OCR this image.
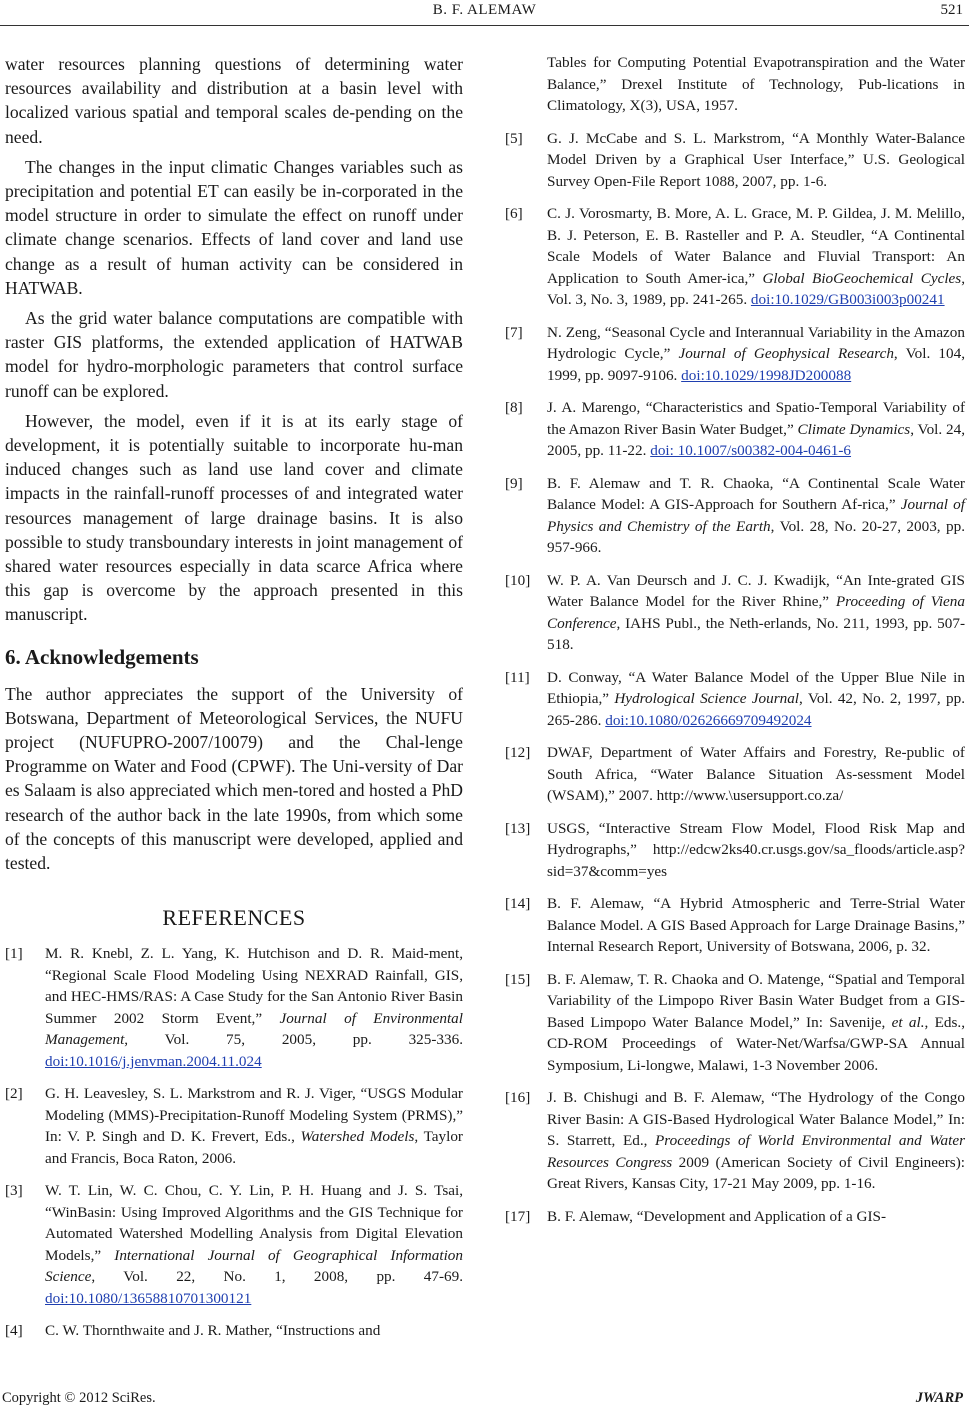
B. F. ALEMAW	521

water resources planning questions of determining water resources availability and distribution at a basin level with localized various spatial and temporal scales de-pending on the need.

The changes in the input climatic Changes variables such as precipitation and potential ET can easily be in-corporated in the model structure in order to simulate the effect on runoff under climate change scenarios. Effects of land cover and land use change as a result of human activity can be considered in HATWAB.

As the grid water balance computations are compatible with raster GIS platforms, the extended application of HATWAB model for hydro-morphologic parameters that control surface runoff can be explored.

However, the model, even if it is at its early stage of development, it is potentially suitable to incorporate hu-man induced changes such as land use land cover and climate impacts in the rainfall-runoff processes of and integrated water resources management of large drainage basins. It is also possible to study transboundary interests in joint management of shared water resources especially in data scarce Africa where this gap is overcome by the approach presented in this manuscript.

6. Acknowledgements

The author appreciates the support of the University of Botswana, Department of Meteorological Services, the NUFU project (NUFUPRO-2007/10079) and the Chal-lenge Programme on Water and Food (CPWF). The Uni-versity of Dar es Salaam is also appreciated which men-tored and hosted a PhD research of the author back in the late 1990s, from which some of the concepts of this manuscript were developed, applied and tested.

REFERENCES
[1] M. R. Knebl, Z. L. Yang, K. Hutchison and D. R. Maid-ment, “Regional Scale Flood Modeling Using NEXRAD Rainfall, GIS, and HEC-HMS/RAS: A Case Study for the San Antonio River Basin Summer 2002 Storm Event,” Journal of Environmental Management, Vol. 75, 2005, pp. 325-336. doi:10.1016/j.jenvman.2004.11.024
[2] G. H. Leavesley, S. L. Markstrom and R. J. Viger, “USGS Modular Modeling (MMS)-Precipitation-Runoff Modeling System (PRMS),” In: V. P. Singh and D. K. Frevert, Eds., Watershed Models, Taylor and Francis, Boca Raton, 2006.
[3] W. T. Lin, W. C. Chou, C. Y. Lin, P. H. Huang and J. S. Tsai, “WinBasin: Using Improved Algorithms and the GIS Technique for Automated Watershed Modelling Analysis from Digital Elevation Models,” International Journal of Geographical Information Science, Vol. 22, No. 1, 2008, pp. 47-69. doi:10.1080/13658810701300121
[4] C. W. Thornthwaite and J. R. Mather, “Instructions and
Tables for Computing Potential Evapotranspiration and the Water Balance,” Drexel Institute of Technology, Pub-lications in Climatology, X(3), USA, 1957.
[5] G. J. McCabe and S. L. Markstrom, “A Monthly Water-Balance Model Driven by a Graphical User Interface,” U.S. Geological Survey Open-File Report 1088, 2007, pp. 1-6.
[6] C. J. Vorosmarty, B. More, A. L. Grace, M. P. Gildea, J. M. Melillo, B. J. Peterson, E. B. Rasteller and P. A. Steudler, “A Continental Scale Models of Water Balance and Fluvial Transport: An Application to South Amer-ica,” Global BioGeochemical Cycles, Vol. 3, No. 3, 1989, pp. 241-265. doi:10.1029/GB003i003p00241
[7] N. Zeng, “Seasonal Cycle and Interannual Variability in the Amazon Hydrologic Cycle,” Journal of Geophysical Research, Vol. 104, 1999, pp. 9097-9106. doi:10.1029/1998JD200088
[8] J. A. Marengo, “Characteristics and Spatio-Temporal Variability of the Amazon River Basin Water Budget,” Climate Dynamics, Vol. 24, 2005, pp. 11-22. doi: 10.1007/s00382-004-0461-6
[9] B. F. Alemaw and T. R. Chaoka, “A Continental Scale Water Balance Model: A GIS-Approach for Southern Af-rica,” Journal of Physics and Chemistry of the Earth, Vol. 28, No. 20-27, 2003, pp. 957-966.
[10] W. P. A. Van Deursch and J. C. J. Kwadijk, “An Inte-grated GIS Water Balance Model for the River Rhine,” Proceeding of Viena Conference, IAHS Publ., the Neth-erlands, No. 211, 1993, pp. 507-518.
[11] D. Conway, “A Water Balance Model of the Upper Blue Nile in Ethiopia,” Hydrological Science Journal, Vol. 42, No. 2, 1997, pp. 265-286. doi:10.1080/02626669709492024
[12] DWAF, Department of Water Affairs and Forestry, Re-public of South Africa, “Water Balance Situation As-sessment Model (WSAM),” 2007. http://www.\usersupport.co.za/
[13] USGS, “Interactive Stream Flow Model, Flood Risk Map and Hydrographs,” http://edcw2ks40.cr.usgs.gov/sa_floods/article.asp?sid=37&comm=yes
[14] B. F. Alemaw, “A Hybrid Atmospheric and Terre-Strial Water Balance Model. A GIS Based Approach for Large Drainage Basins,” Internal Research Report, University of Botswana, 2006, p. 32.
[15] B. F. Alemaw, T. R. Chaoka and O. Matenge, “Spatial and Temporal Variability of the Limpopo River Basin Water Budget from a GIS-Based Limpopo Water Balance Model,” In: Savenije, et al., Eds., CD-ROM Proceedings of Water-Net/Warfsa/GWP-SA Annual Symposium, Li-longwe, Malawi, 1-3 November 2006.
[16] J. B. Chishugi and B. F. Alemaw, “The Hydrology of the Congo River Basin: A GIS-Based Hydrological Water Balance Model,” In: S. Starrett, Ed., Proceedings of World Environmental and Water Resources Congress 2009 (American Society of Civil Engineers): Great Rivers, Kansas City, 17-21 May 2009, pp. 1-16.
[17] B. F. Alemaw, “Development and Application of a GIS-
Copyright © 2012 SciRes.	JWARP
